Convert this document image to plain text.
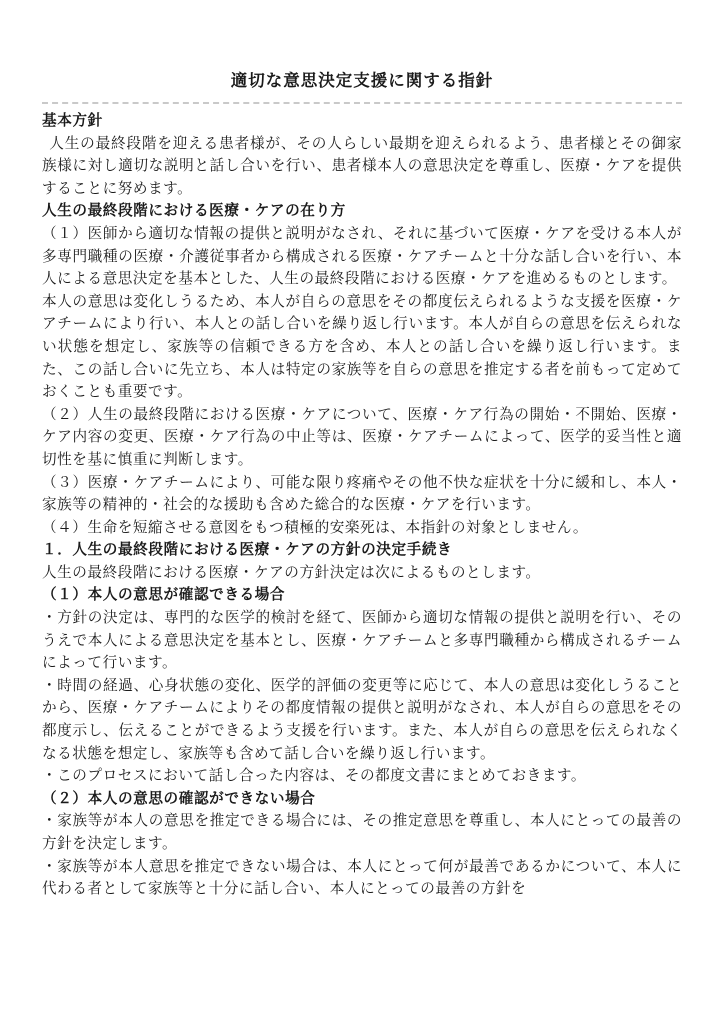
適切な意思決定支援に関する指針

基本方針

人生の最終段階を迎える患者様が、その人らしい最期を迎えられるよう、患者様とその御家族様に対し適切な説明と話し合いを行い、患者様本人の意思決定を尊重し、医療・ケアを提供することに努めます。

人生の最終段階における医療・ケアの在り方

（１）医師から適切な情報の提供と説明がなされ、それに基づいて医療・ケアを受ける本人が多専門職種の医療・介護従事者から構成される医療・ケアチームと十分な話し合いを行い、本人による意思決定を基本とした、人生の最終段階における医療・ケアを進めるものとします。

本人の意思は変化しうるため、本人が自らの意思をその都度伝えられるような支援を医療・ケアチームにより行い、本人との話し合いを繰り返し行います。本人が自らの意思を伝えられない状態を想定し、家族等の信頼できる方を含め、本人との話し合いを繰り返し行います。また、この話し合いに先立ち、本人は特定の家族等を自らの意思を推定する者を前もって定めておくことも重要です。

（２）人生の最終段階における医療・ケアについて、医療・ケア行為の開始・不開始、医療・ケア内容の変更、医療・ケア行為の中止等は、医療・ケアチームによって、医学的妥当性と適切性を基に慎重に判断します。

（３）医療・ケアチームにより、可能な限り疼痛やその他不快な症状を十分に緩和し、本人・家族等の精神的・社会的な援助も含めた総合的な医療・ケアを行います。

（４）生命を短縮させる意図をもつ積極的安楽死は、本指針の対象としません。

１．人生の最終段階における医療・ケアの方針の決定手続き

人生の最終段階における医療・ケアの方針決定は次によるものとします。

（１）本人の意思が確認できる場合

・方針の決定は、専門的な医学的検討を経て、医師から適切な情報の提供と説明を行い、そのうえで本人による意思決定を基本とし、医療・ケアチームと多専門職種から構成されるチームによって行います。

・時間の経過、心身状態の変化、医学的評価の変更等に応じて、本人の意思は変化しうることから、医療・ケアチームによりその都度情報の提供と説明がなされ、本人が自らの意思をその都度示し、伝えることができるよう支援を行います。また、本人が自らの意思を伝えられなくなる状態を想定し、家族等も含めて話し合いを繰り返し行います。

・このプロセスにおいて話し合った内容は、その都度文書にまとめておきます。

（２）本人の意思の確認ができない場合

・家族等が本人の意思を推定できる場合には、その推定意思を尊重し、本人にとっての最善の方針を決定します。

・家族等が本人意思を推定できない場合は、本人にとって何が最善であるかについて、本人に代わる者として家族等と十分に話し合い、本人にとっての最善の方針を
